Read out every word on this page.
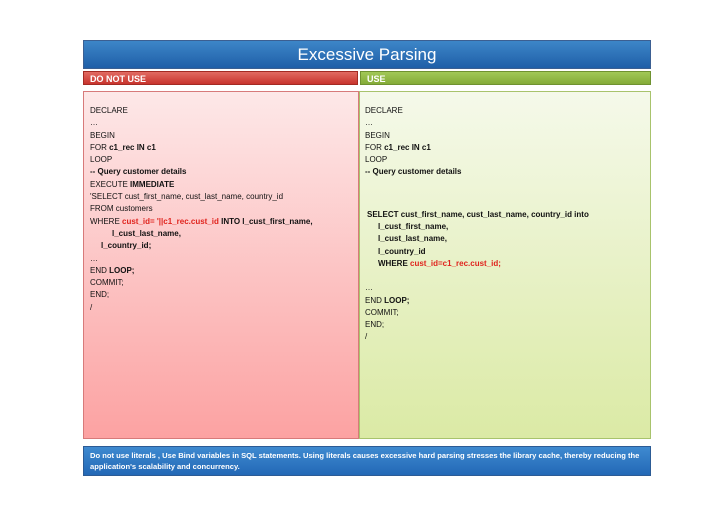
Excessive Parsing
DO NOT USE	USE
DECLARE
…
BEGIN
FOR c1_rec IN c1
LOOP
-- Query customer details
EXECUTE IMMEDIATE
'SELECT cust_first_name, cust_last_name, country_id
FROM customers
WHERE cust_id= '||c1_rec.cust_id INTO l_cust_first_name,
l_cust_last_name,
l_country_id;
…
END LOOP;
COMMIT;
END;
/
DECLARE
…
BEGIN
FOR c1_rec IN c1
LOOP
-- Query customer details
SELECT cust_first_name, cust_last_name, country_id into
l_cust_first_name,
l_cust_last_name,
l_country_id
WHERE cust_id=c1_rec.cust_id;
…
END LOOP;
COMMIT;
END;
/
Do not use literals , Use Bind variables in SQL statements. Using literals causes excessive hard parsing stresses the library cache, thereby reducing the application's scalability and concurrency.
